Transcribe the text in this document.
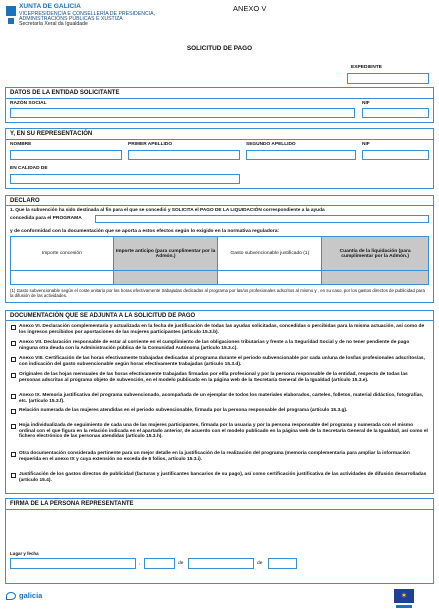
XUNTA DE GALICIA
VICEPRESIDENCIA E CONSELLERÍA DE PRESIDENCIA,
ADMINISTRACIÓNS PÚBLICAS E XUSTIZA
Secretaría Xeral da Igualdade
ANEXO V
SOLICITUD DE PAGO
EXPEDIENTE
DATOS DE LA ENTIDAD SOLICITANTE
RAZÓN SOCIAL	NIF
Y, EN SU REPRESENTACIÓN
NOMBRE	PRIMER APELLIDO	SEGUNDO APELLIDO	NIF
EN CALIDAD DE
DECLARO
1. Que la subvención ha sido destinada al fin para el que se concedió y SOLICITA el PAGO DE LA LIQUIDACIÓN correspondiente a la ayuda
concedida para el PROGRAMA
y de conformidad con la documentación que se aporta a estos efectos según lo exigido en la normativa reguladora:
Importe concesión	Importe anticipo (para cumplimentar por la Admón.)	Gasto subvencionable justificado (1)	Cuantía de la liquidación (para cumplimentar por la Admón.)

(1) Gasto subvencionable según el coste unitario por las horas efectivamente trabajadas dedicadas al programa por las/os profesionales adscritos al mismo y , en su caso, por los gastos directos de publicidad para la difusión de las actividades.
DOCUMENTACIÓN QUE SE ADJUNTA A LA SOLICITUD DE PAGO
Anexo VI. Declaración complementaria y actualizada en la fecha de justificación de todas las ayudas solicitadas, concedidas o percibidas para la misma actuación, así como de los ingresos percibidos por aportaciones de las mujeres participantes (artículo 15.3.b).
Anexo VII. Declaración responsable de estar al corriente en el cumplimiento de las obligaciones tributarias y frente a la Seguridad Social y de no tener pendiente de pago ninguna otra deuda con la Administración pública de la Comunidad Autónoma (artículo 15.3.c).
Anexo VIII. Certificación de las horas efectivamente trabajadas dedicadas al programa durante el periodo subvencionable por cada un/una de los/las profesionales adscritos/as, con indicación del gasto subvencionable según horas efectivamente trabajadas (artículo 15.3.d).
Originales de las hojas mensuales de las horas efectivamente trabajadas firmadas por el/la profesional y por la persona responsable de la entidad, respecto de todas las personas adscritas al programa objeto de subvención, en el modelo publicado en la página web de la Secretaría General de la Igualdad (artículo 15.3.e).
Anexo IX. Memoria justificativa del programa subvencionado, acompañada de un ejemplar de todos los materiales elaborados, carteles, folletos, material didáctico, fotografías, etc. (artículo 15.3.f).
Relación numerada de las mujeres atendidas en el periodo subvencionable, firmada por la persona responsable del programa (artículo 15.3.g).
Hoja individualizada de seguimiento de cada una de las mujeres participantes, firmada por la usuaria y por la persona responsable del programa y numerada con el mismo ordinal con el que figura en la relación indicada en el apartado anterior, de acuerdo con el modelo publicado en la página web de la Secretaría General de la Igualdad, así como el fichero electrónico de las personas atendidas (artículo 15.3.h).
Otra documentación considerada pertinente para un mejor detalle en la justificación de la realización del programa (memoria complementaria para ampliar la información requerida en el anexo IX y cuya extensión no exceda de 6 folios, artículo 15.3.i).
Justificación de los gastos directos de publicidad (facturas y justificantes bancarios de su pago), así como certificación justificativa de las actividades de difusión desarrolladas (artículo 15.4).
FIRMA DE LA PERSONA REPRESENTANTE
Lugar y fecha
,	de	de
galicia	✶
